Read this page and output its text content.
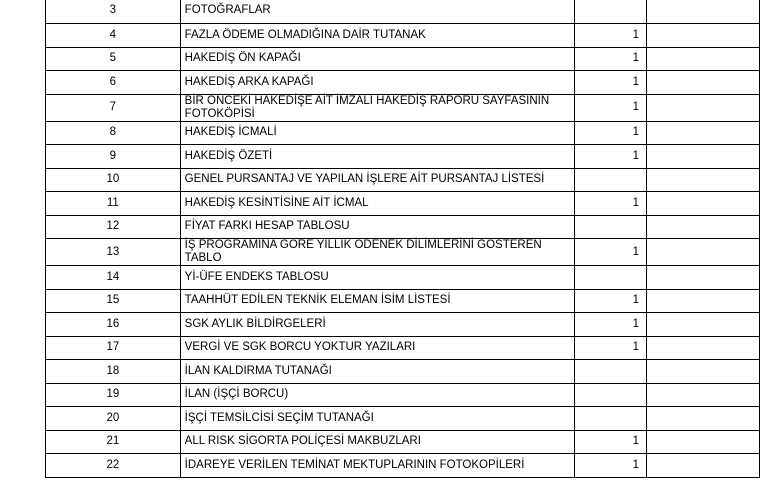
3	FOTOĞRAFLAR		

4	FAZLA ÖDEME OLMADIĞINA DAİR TUTANAK	1	
5	HAKEDİŞ ÖN KAPAĞI	1	
6	HAKEDİŞ ARKA KAPAĞI	1	
7	BİR ÖNCEKİ HAKEDİŞE AİT İMZALI HAKEDİŞ RAPORU SAYFASININ FOTOKÖPİSİ	1	
8	HAKEDİŞ İCMALİ	1	
9	HAKEDİŞ ÖZETİ	1	
10	GENEL PURSANTAJ VE YAPILAN İŞLERE AİT PURSANTAJ LİSTESİ		

11	HAKEDİŞ KESİNTİSİNE AİT İCMAL	1	
12	FİYAT FARKI HESAP TABLOSU		

13	İŞ PROGRAMINA GÖRE YILLIK ÖDENEK DİLİMLERİNİ GÖSTEREN TABLO	1	
14	Yİ-ÜFE ENDEKS TABLOSU		

15	TAAHHÜT EDİLEN TEKNİK ELEMAN İSİM LİSTESİ	1	
16	SGK AYLIK BİLDİRGELERİ	1	
17	VERGİ VE SGK BORCU YOKTUR YAZILARI	1	
18	İLAN KALDIRMA TUTANAĞI		

19	İLAN (İŞÇİ BORCU)		

20	İŞÇİ TEMSİLCİSİ SEÇİM TUTANAĞI		

21	ALL RISK SİGORTA POLİÇESİ MAKBUZLARI	1	
22	İDAREYE VERİLEN TEMİNAT MEKTUPLARININ FOTOKOPİLERİ	1	
